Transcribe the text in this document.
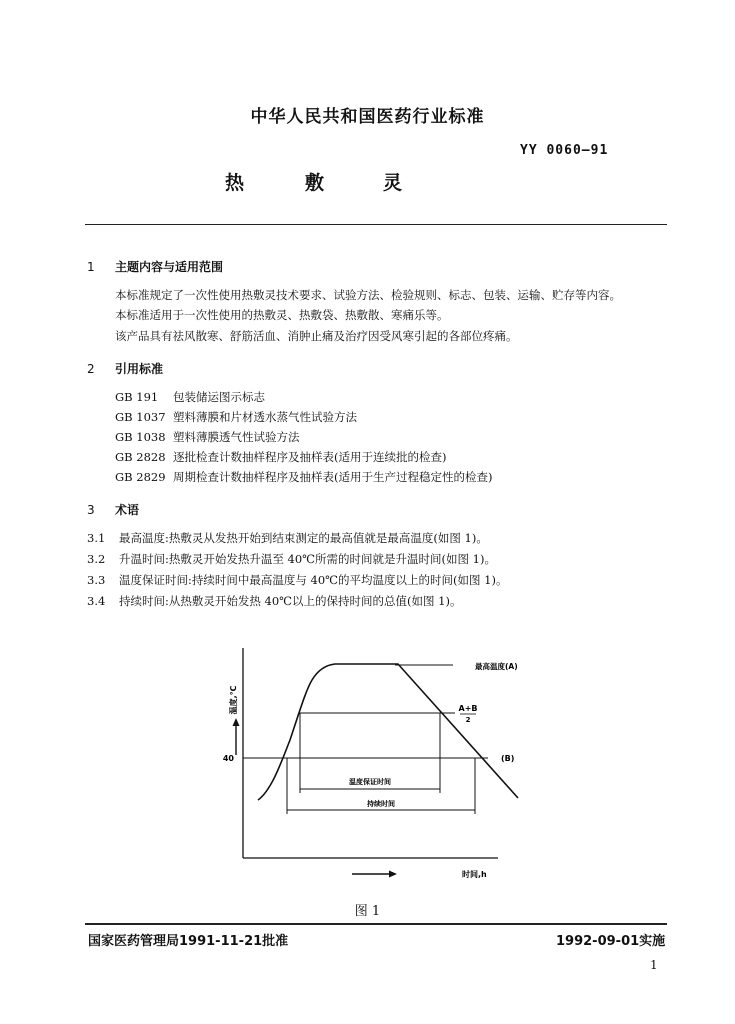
中华人民共和国医药行业标准
YY 0060—91
热	敷	灵
1 主题内容与适用范围
本标准规定了一次性使用热敷灵技术要求、试验方法、检验规则、标志、包装、运输、贮存等内容。
本标准适用于一次性使用的热敷灵、热敷袋、热敷散、寒痛乐等。
该产品具有祛风散寒、舒筋活血、消肿止痛及治疗因受风寒引起的各部位疼痛。
2 引用标准
GB 191 包装储运图示标志
GB 1037 塑料薄膜和片材透水蒸气性试验方法
GB 1038 塑料薄膜透气性试验方法
GB 2828 逐批检查计数抽样程序及抽样表(适用于连续批的检查)
GB 2829 周期检查计数抽样程序及抽样表(适用于生产过程稳定性的检查)
3 术语
3.1 最高温度:热敷灵从发热开始到结束测定的最高值就是最高温度(如图 1)。
3.2 升温时间:热敷灵开始发热升温至 40℃所需的时间就是升温时间(如图 1)。
3.3 温度保证时间:持续时间中最高温度与 40℃的平均温度以上的时间(如图 1)。
3.4 持续时间:从热敷灵开始发热 40℃以上的保持时间的总值(如图 1)。
温度,℃
40
温度保证时间
持续时间
最高温度(A)
A+B
2
(B)
时间,h
图 1
国家医药管理局1991-11-21批准	1992-09-01实施
1
